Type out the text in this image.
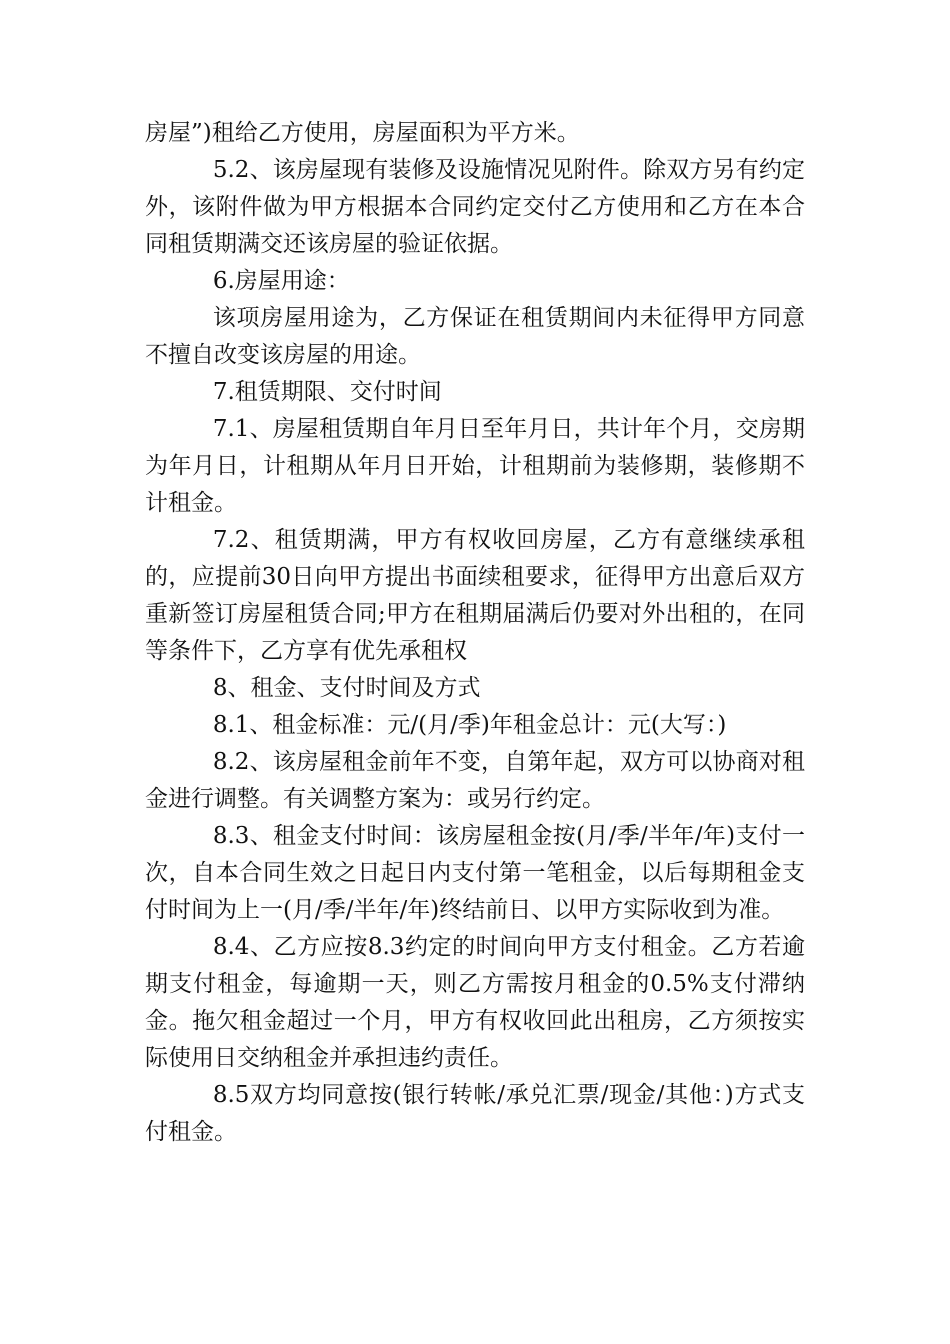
房屋”)租给乙方使用，房屋面积为平方米。

5.2、该房屋现有装修及设施情况见附件。除双方另有约定外，该附件做为甲方根据本合同约定交付乙方使用和乙方在本合同租赁期满交还该房屋的验证依据。

6.房屋用途：

该项房屋用途为，乙方保证在租赁期间内未征得甲方同意不擅自改变该房屋的用途。

7.租赁期限、交付时间

7.1、房屋租赁期自年月日至年月日，共计年个月，交房期为年月日，计租期从年月日开始，计租期前为装修期，装修期不计租金。

7.2、租赁期满，甲方有权收回房屋，乙方有意继续承租的，应提前30日向甲方提出书面续租要求，征得甲方出意后双方重新签订房屋租赁合同;甲方在租期届满后仍要对外出租的，在同等条件下，乙方享有优先承租权

8、租金、支付时间及方式

8.1、租金标准：元/(月/季)年租金总计：元(大写：)

8.2、该房屋租金前年不变，自第年起，双方可以协商对租金进行调整。有关调整方案为：或另行约定。

8.3、租金支付时间：该房屋租金按(月/季/半年/年)支付一次，自本合同生效之日起日内支付第一笔租金，以后每期租金支付时间为上一(月/季/半年/年)终结前日、以甲方实际收到为准。

8.4、乙方应按8.3约定的时间向甲方支付租金。乙方若逾期支付租金，每逾期一天，则乙方需按月租金的0.5%支付滞纳金。拖欠租金超过一个月，甲方有权收回此出租房，乙方须按实际使用日交纳租金并承担违约责任。

8.5双方均同意按(银行转帐/承兑汇票/现金/其他：)方式支付租金。
